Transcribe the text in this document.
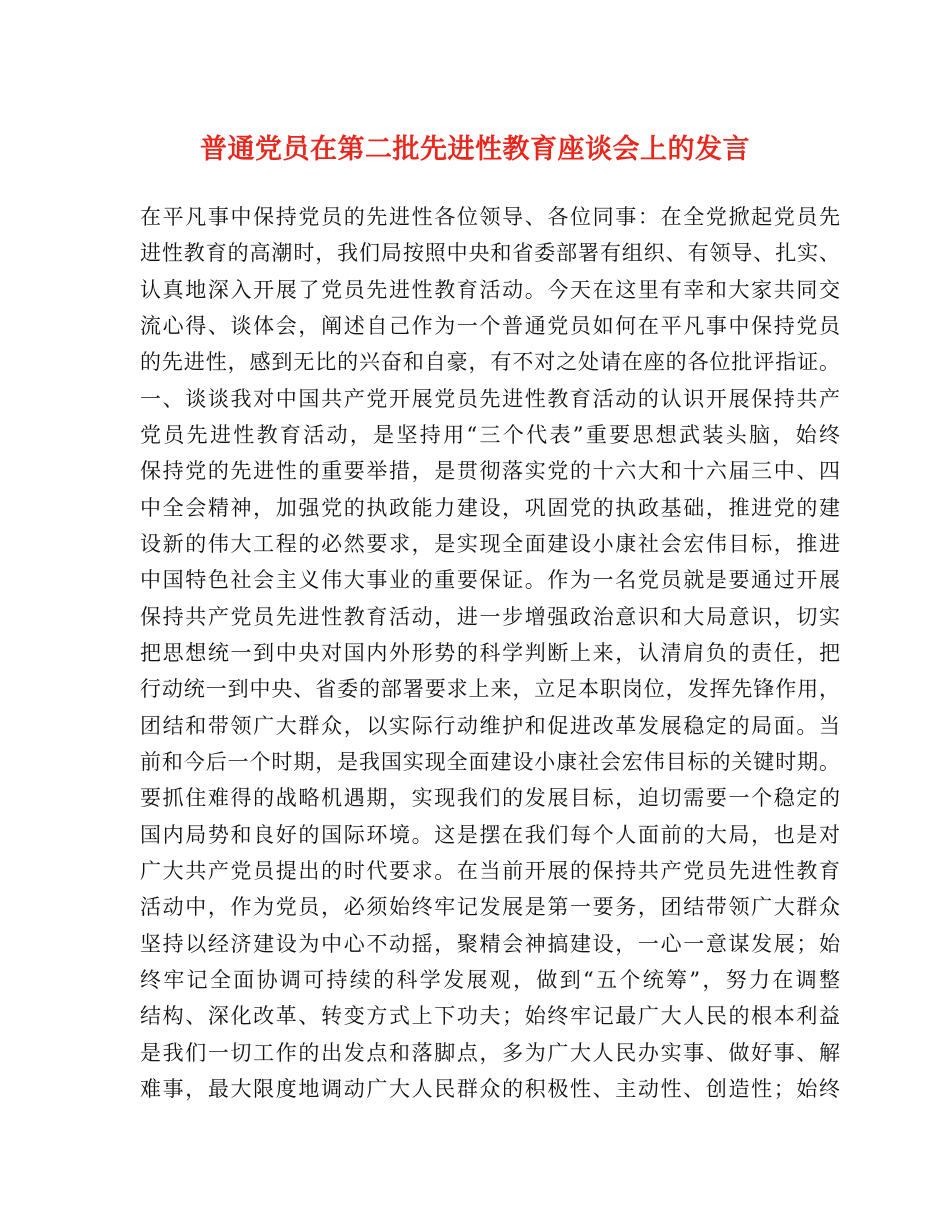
普通党员在第二批先进性教育座谈会上的发言
在平凡事中保持党员的先进性各位领导、各位同事：在全党掀起党员先
进性教育的高潮时，我们局按照中央和省委部署有组织、有领导、扎实、
认真地深入开展了党员先进性教育活动。今天在这里有幸和大家共同交
流心得、谈体会，阐述自己作为一个普通党员如何在平凡事中保持党员
的先进性，感到无比的兴奋和自豪，有不对之处请在座的各位批评指证。
一、谈谈我对中国共产党开展党员先进性教育活动的认识开展保持共产
党员先进性教育活动，是坚持用“三个代表”重要思想武装头脑，始终
保持党的先进性的重要举措，是贯彻落实党的十六大和十六届三中、四
中全会精神，加强党的执政能力建设，巩固党的执政基础，推进党的建
设新的伟大工程的必然要求，是实现全面建设小康社会宏伟目标，推进
中国特色社会主义伟大事业的重要保证。作为一名党员就是要通过开展
保持共产党员先进性教育活动，进一步增强政治意识和大局意识，切实
把思想统一到中央对国内外形势的科学判断上来，认清肩负的责任，把
行动统一到中央、省委的部署要求上来，立足本职岗位，发挥先锋作用，
团结和带领广大群众，以实际行动维护和促进改革发展稳定的局面。当
前和今后一个时期，是我国实现全面建设小康社会宏伟目标的关键时期。
要抓住难得的战略机遇期，实现我们的发展目标，迫切需要一个稳定的
国内局势和良好的国际环境。这是摆在我们每个人面前的大局，也是对
广大共产党员提出的时代要求。在当前开展的保持共产党员先进性教育
活动中，作为党员，必须始终牢记发展是第一要务，团结带领广大群众
坚持以经济建设为中心不动摇，聚精会神搞建设，一心一意谋发展；始
终牢记全面协调可持续的科学发展观，做到“五个统筹”，努力在调整
结构、深化改革、转变方式上下功夫；始终牢记最广大人民的根本利益
是我们一切工作的出发点和落脚点，多为广大人民办实事、做好事、解
难事，最大限度地调动广大人民群众的积极性、主动性、创造性；始终
